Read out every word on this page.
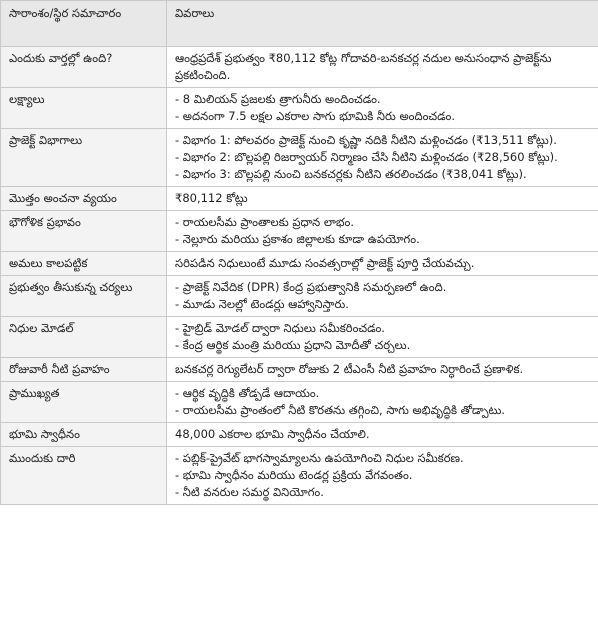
సారాంశం/స్థిర సమాచారం	వివరాలు
ఎందుకు వార్తల్లో ఉంది?	ఆంధ్రప్రదేశ్ ప్రభుత్వం ₹80,112 కోట్ల గోదావరి-బనకచర్ల నదుల అనుసంధాన ప్రాజెక్ట్‌ను ప్రకటించింది.

లక్ష్యాలు	- 8 మిలియన్ ప్రజలకు త్రాగునీరు అందించడం.
- అదనంగా 7.5 లక్షల ఎకరాల సాగు భూమికి నీరు అందించడం.

ప్రాజెక్ట్ విభాగాలు	- విభాగం 1: పోలవరం ప్రాజెక్ట్ నుంచి కృష్ణా నదికి నీటిని మళ్లించడం (₹13,511 కోట్లు).
- విభాగం 2: బొల్లపల్లి రిజర్వాయర్ నిర్మాణం చేసి నీటిని మళ్లించడం (₹28,560 కోట్లు).
- విభాగం 3: బొల్లపల్లి నుంచి బనకచర్లకు నీటిని తరలించడం (₹38,041 కోట్లు).

మొత్తం అంచనా వ్యయం	₹80,112 కోట్లు

భౌగోళిక ప్రభావం	- రాయలసీమ ప్రాంతాలకు ప్రధాన లాభం.
- నెల్లూరు మరియు ప్రకాశం జిల్లాలకు కూడా ఉపయోగం.

అమలు కాలపట్టిక	సరిపడిన నిధులుంటే మూడు సంవత్సరాల్లో ప్రాజెక్ట్ పూర్తి చేయవచ్చు.

ప్రభుత్వం తీసుకున్న చర్యలు	- ప్రాజెక్ట్ నివేదిక (DPR) కేంద్ర ప్రభుత్వానికి సమర్పణలో ఉంది.
- మూడు నెలల్లో టెండర్లు ఆహ్వానిస్తారు.

నిధుల మోడల్	- హైబ్రిడ్ మోడల్ ద్వారా నిధులు సమీకరించడం.
- కేంద్ర ఆర్థిక మంత్రి మరియు ప్రధాని మోదీతో చర్చలు.

రోజువారీ నీటి ప్రవాహం	బనకచర్ల రెగ్యులేటర్ ద్వారా రోజుకు 2 టీఎంసీ నీటి ప్రవాహం నిర్ధారించే ప్రణాళిక.

ప్రాముఖ్యత	- ఆర్థిక వృద్ధికి తోడ్పడే ఆదాయం.
- రాయలసీమ ప్రాంతంలో నీటి కొరతను తగ్గించి, సాగు అభివృద్ధికి తోడ్పాటు.

భూమి స్వాధీనం	48,000 ఎకరాల భూమి స్వాధీనం చేయాలి.

ముందుకు దారి	- పబ్లిక్-ప్రైవేట్ భాగస్వామ్యాలను ఉపయోగించి నిధుల సమీకరణ.
- భూమి స్వాధీనం మరియు టెండర్ల ప్రక్రియ వేగవంతం.
- నీటి వనరుల సమర్థ వినియోగం.
